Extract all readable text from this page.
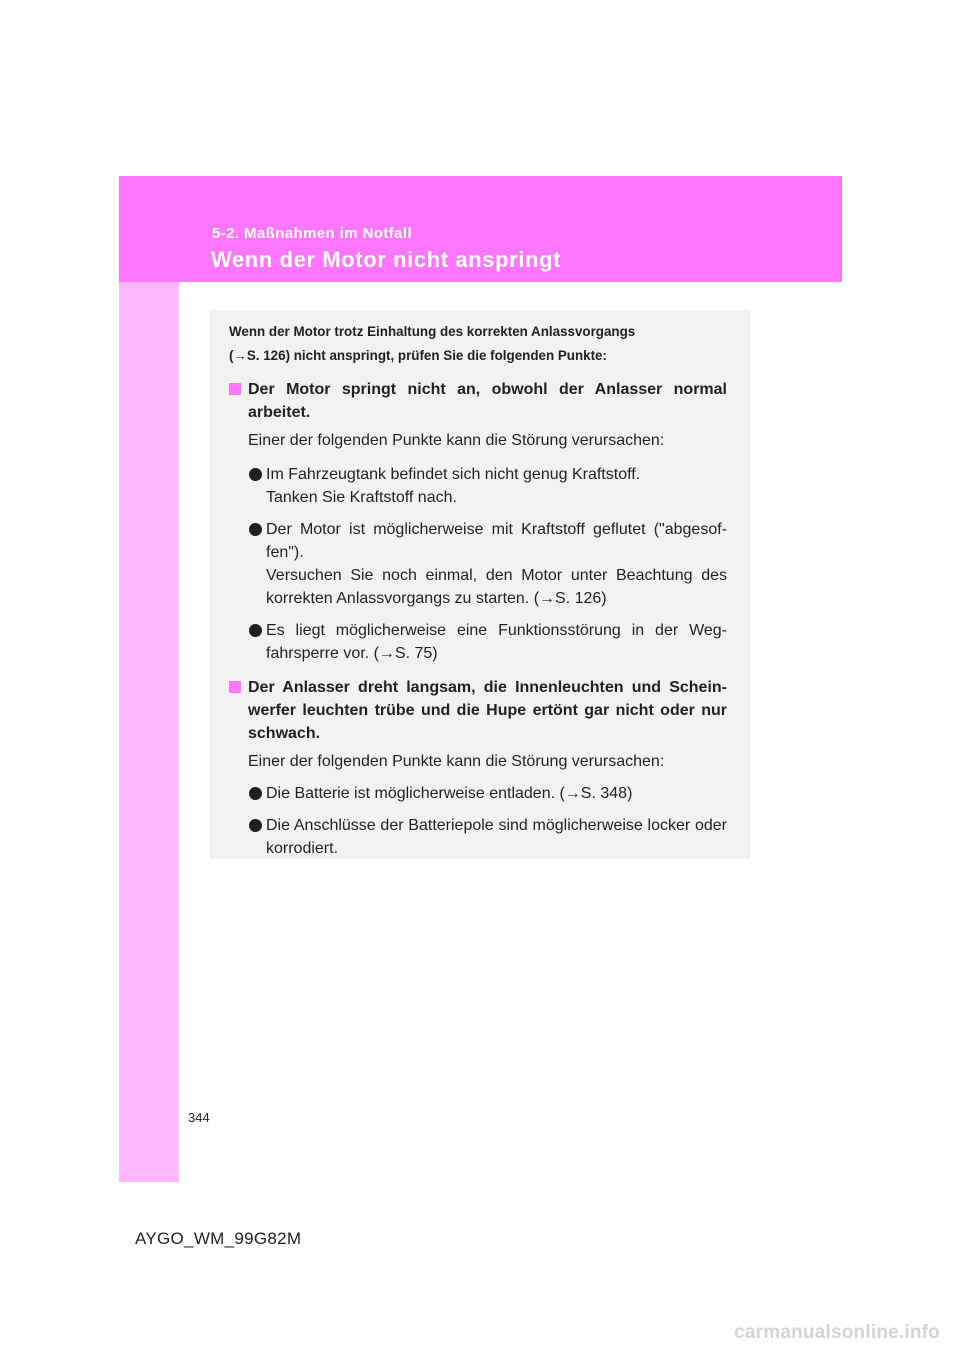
5-2. Maßnahmen im Notfall
Wenn der Motor nicht anspringt

Wenn der Motor trotz Einhaltung des korrekten Anlassvorgangs
(→S. 126) nicht anspringt, prüfen Sie die folgenden Punkte:

Der Motor springt nicht an, obwohl der Anlasser normal arbeitet.

Einer der folgenden Punkte kann die Störung verursachen:

Im Fahrzeugtank befindet sich nicht genug Kraftstoff.
Tanken Sie Kraftstoff nach.
Der Motor ist möglicherweise mit Kraftstoff geflutet ("abgesof-fen").
Versuchen Sie noch einmal, den Motor unter Beachtung des korrekten Anlassvorgangs zu starten. (→S. 126)
Es liegt möglicherweise eine Funktionsstörung in der Weg-fahrsperre vor. (→S. 75)

Der Anlasser dreht langsam, die Innenleuchten und Schein-werfer leuchten trübe und die Hupe ertönt gar nicht oder nur schwach.

Einer der folgenden Punkte kann die Störung verursachen:

Die Batterie ist möglicherweise entladen. (→S. 348)
Die Anschlüsse der Batteriepole sind möglicherweise locker oder korrodiert.
344
AYGO_WM_99G82M
carmanualsonline.info
